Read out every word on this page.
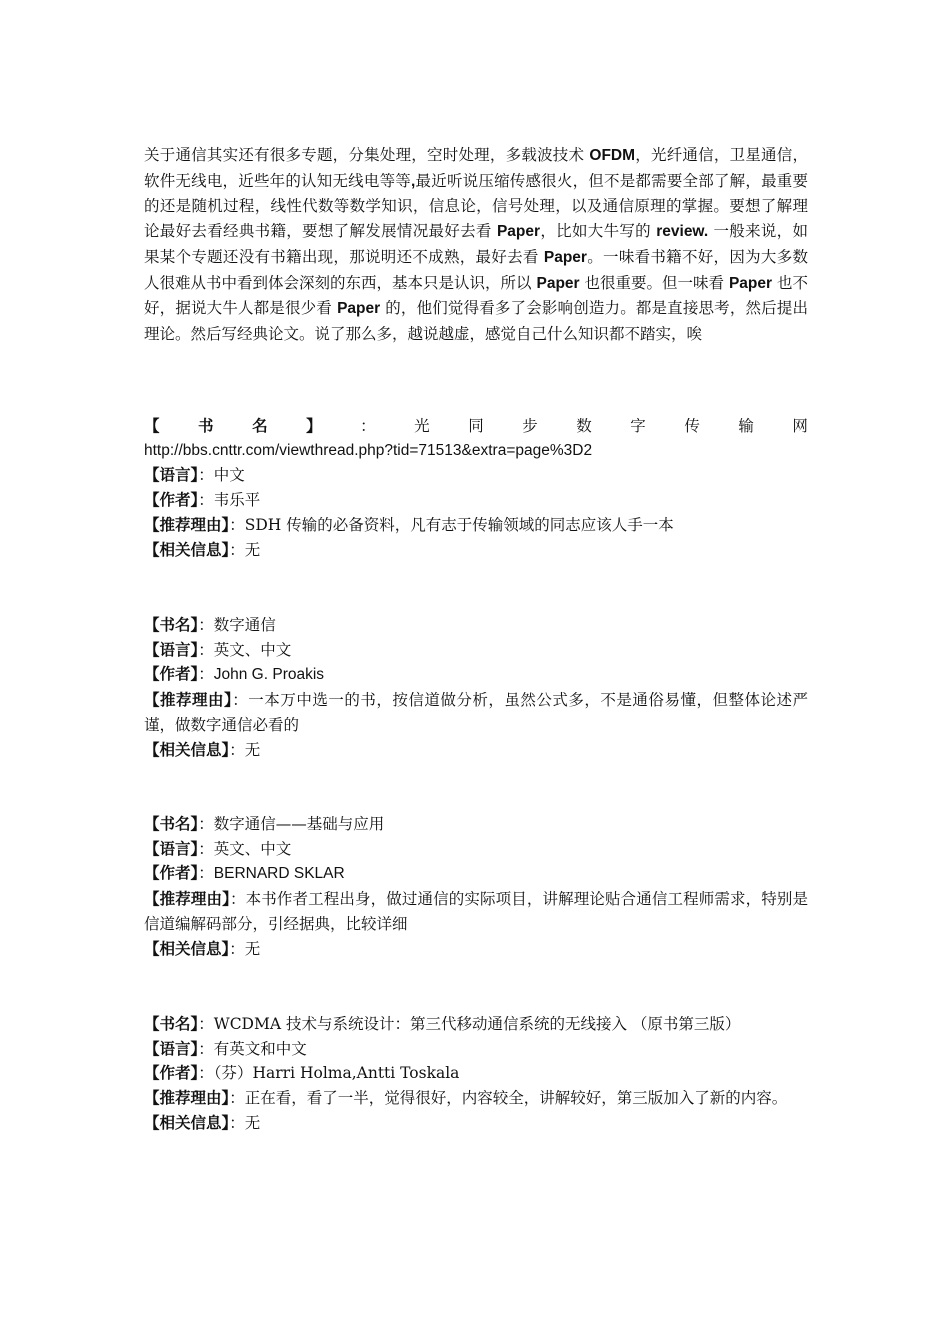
关于通信其实还有很多专题，分集处理，空时处理，多载波技术 OFDM，光纤通信，卫星通信，软件无线电，近些年的认知无线电等等,最近听说压缩传感很火，但不是都需要全部了解，最重要的还是随机过程，线性代数等数学知识，信息论，信号处理，以及通信原理的掌握。要想了解理论最好去看经典书籍，要想了解发展情况最好去看 Paper，比如大牛写的 review. 一般来说，如果某个专题还没有书籍出现，那说明还不成熟，最好去看 Paper。一味看书籍不好，因为大多数人很难从书中看到体会深刻的东西，基本只是认识，所以 Paper 也很重要。但一味看 Paper 也不好，据说大牛人都是很少看 Paper 的，他们觉得看多了会影响创造力。都是直接思考，然后提出理论。然后写经典论文。说了那么多，越说越虚，感觉自己什么知识都不踏实，唉
【 书 名 】 ： 光 同 步 数 字 传 输 网
http://bbs.cnttr.com/viewthread.php?tid=71513&extra=page%3D2
【语言】：中文
【作者】：韦乐平
【推荐理由】：SDH 传输的必备资料，凡有志于传输领域的同志应该人手一本
【相关信息】：无
【书名】：数字通信
【语言】：英文、中文
【作者】：John G. Proakis
【推荐理由】：一本万中选一的书，按信道做分析，虽然公式多，不是通俗易懂，但整体论述严谨，做数字通信必看的
【相关信息】：无
【书名】：数字通信——基础与应用
【语言】：英文、中文
【作者】：BERNARD SKLAR
【推荐理由】：本书作者工程出身，做过通信的实际项目，讲解理论贴合通信工程师需求，特别是信道编解码部分，引经据典，比较详细
【相关信息】：无
【书名】：WCDMA 技术与系统设计：第三代移动通信系统的无线接入 （原书第三版）
【语言】：有英文和中文
【作者】：（芬）Harri Holma,Antti Toskala
【推荐理由】：正在看，看了一半，觉得很好，内容较全，讲解较好，第三版加入了新的内容。
【相关信息】：无
